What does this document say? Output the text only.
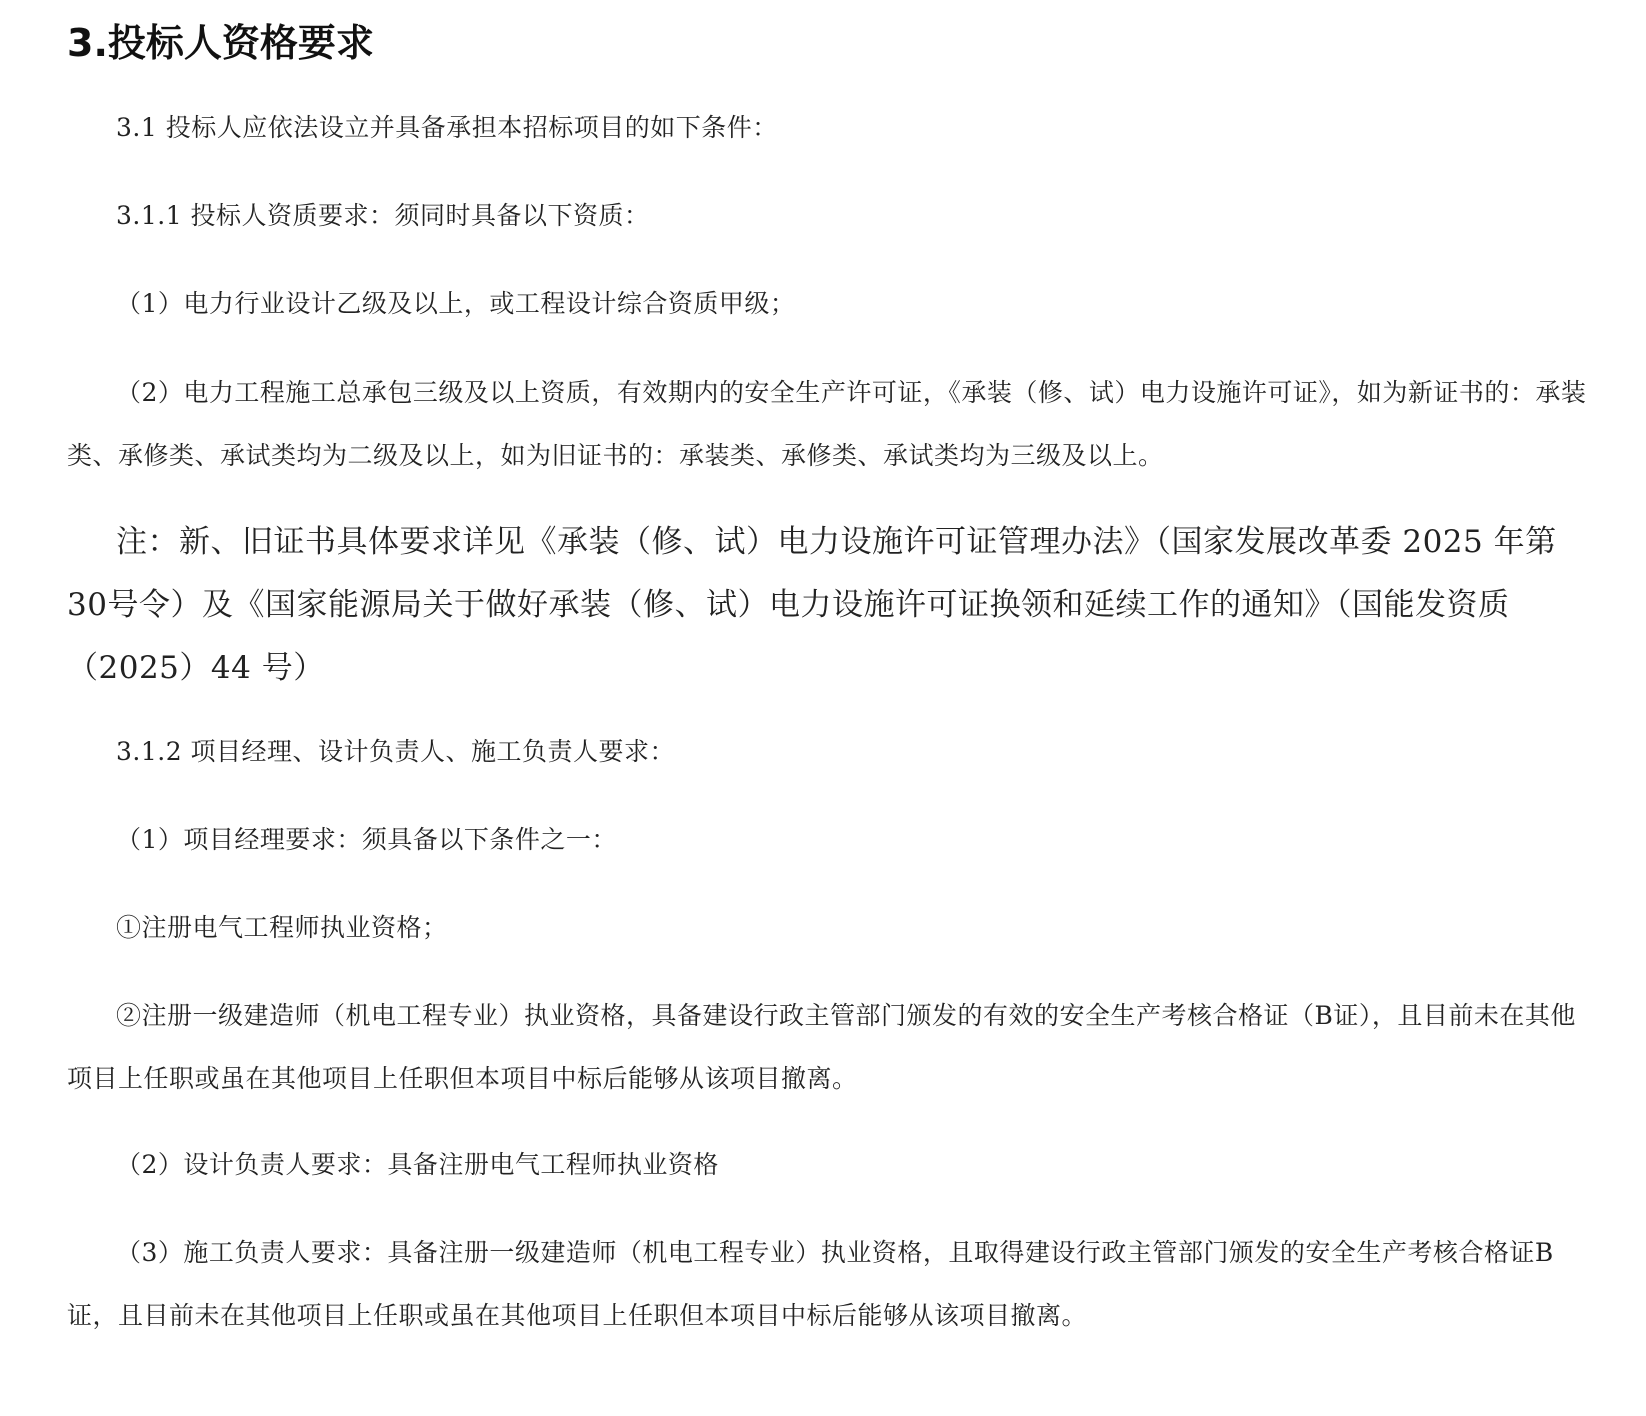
3.投标人资格要求

3.1 投标人应依法设立并具备承担本招标项目的如下条件：

3.1.1 投标人资质要求：须同时具备以下资质：

（1）电力行业设计乙级及以上，或工程设计综合资质甲级；

（2）电力工程施工总承包三级及以上资质，有效期内的安全生产许可证，《承装（修、试）电力设施许可证》，如为新证书的：承装类、承修类、承试类均为二级及以上，如为旧证书的：承装类、承修类、承试类均为三级及以上。

注：新、旧证书具体要求详见《承装（修、试）电力设施许可证管理办法》（国家发展改革委 2025 年第30号令）及《国家能源局关于做好承装（修、试）电力设施许可证换领和延续工作的通知》（国能发资质（2025）44 号）

3.1.2 项目经理、设计负责人、施工负责人要求：

（1）项目经理要求：须具备以下条件之一：

①注册电气工程师执业资格；

②注册一级建造师（机电工程专业）执业资格，具备建设行政主管部门颁发的有效的安全生产考核合格证（B证），且目前未在其他项目上任职或虽在其他项目上任职但本项目中标后能够从该项目撤离。

（2）设计负责人要求：具备注册电气工程师执业资格

（3）施工负责人要求：具备注册一级建造师（机电工程专业）执业资格，且取得建设行政主管部门颁发的安全生产考核合格证B证，且目前未在其他项目上任职或虽在其他项目上任职但本项目中标后能够从该项目撤离。
